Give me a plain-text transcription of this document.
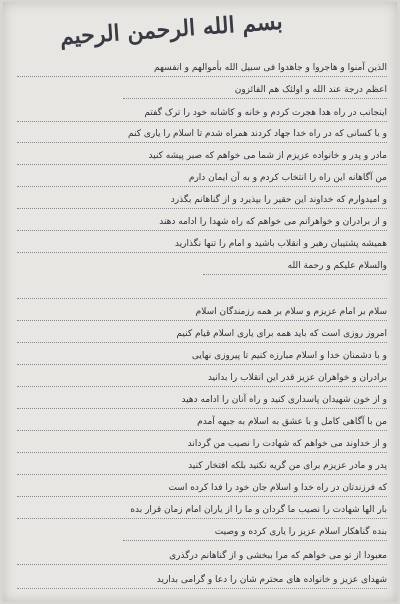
بسم الله الرحمن الرحیم
الذین آمنوا و هاجروا و جاهدوا فی سبیل الله بأموالهم و انفسهم
اعظم درجة عند الله و اولئک هم الفائزون
اینجانب در راه هدا هجرت کردم و خانه و کاشانه خود را ترک گفتم
و با کسانی که در راه خدا جهاد کردند همراه شدم تا اسلام را یاری کنم
مادر و پدر و خانواده عزیزم از شما می خواهم که صبر پیشه کنید
من آگاهانه این راه را انتخاب کردم و به آن ایمان دارم
و امیدوارم که خداوند این حقیر را بپذیرد و از گناهانم بگذرد
و از برادران و خواهرانم می خواهم که راه شهدا را ادامه دهند
همیشه پشتیبان رهبر و انقلاب باشید و امام را تنها نگذارید
والسلام علیکم و رحمة الله
سلام بر امام عزیزم و سلام بر همه رزمندگان اسلام
امروز روزی است که باید همه برای یاری اسلام قیام کنیم
و با دشمنان خدا و اسلام مبارزه کنیم تا پیروزی نهایی
برادران و خواهران عزیز قدر این انقلاب را بدانید
و از خون شهیدان پاسداری کنید و راه آنان را ادامه دهید
من با آگاهی کامل و با عشق به اسلام به جبهه آمدم
و از خداوند می خواهم که شهادت را نصیب من گرداند
پدر و مادر عزیزم برای من گریه نکنید بلکه افتخار کنید
که فرزندتان در راه خدا و اسلام جان خود را فدا کرده است
بار الها شهادت را نصیب ما گردان و ما را از یاران امام زمان قرار بده
بنده گناهکار اسلام عزیز را یاری کرده و وصیت
معبودا از تو می خواهم که مرا ببخشی و از گناهانم درگذری
شهدای عزیز و خانواده های محترم شان را دعا و گرامی بدارید
